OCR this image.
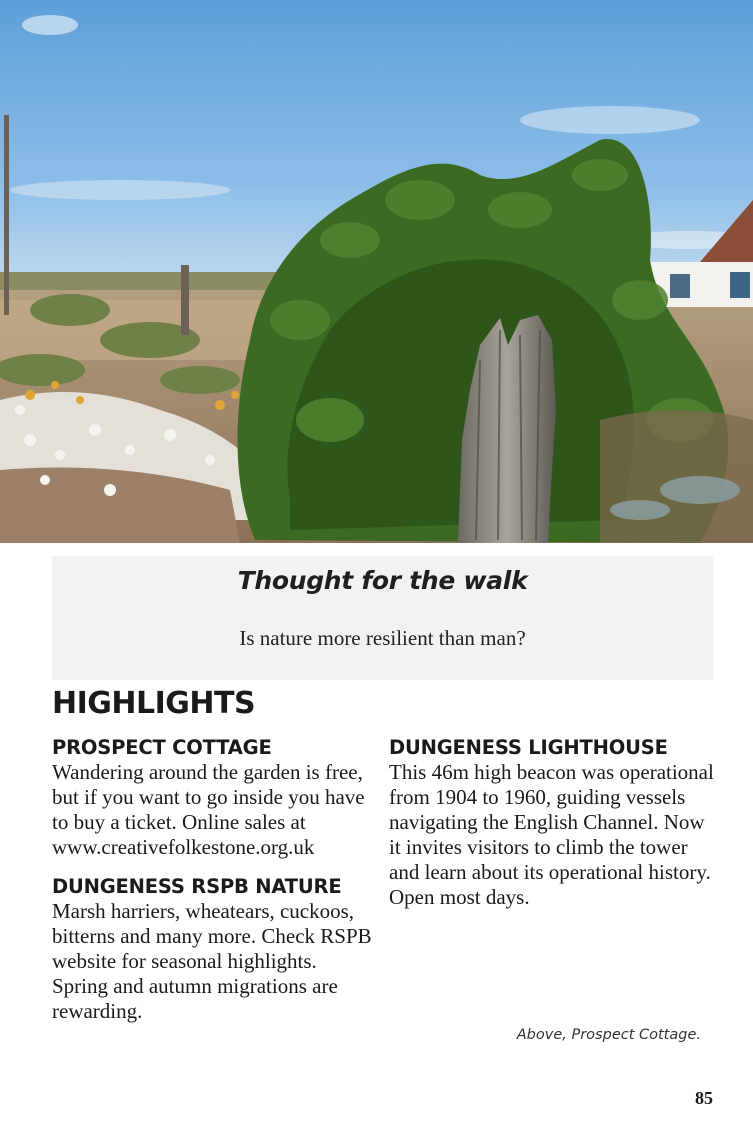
Thought for the walk
Is nature more resilient than man?
HIGHLIGHTS
PROSPECT COTTAGE

Wandering around the garden is free, but if you want to go inside you have to buy a ticket. Online sales at www.creativefolkestone.org.uk

DUNGENESS RSPB NATURE

Marsh harriers, wheatears, cuckoos, bitterns and many more. Check RSPB website for seasonal highlights. Spring and autumn migrations are rewarding.

DUNGENESS LIGHTHOUSE

This 46m high beacon was operational from 1904 to 1960, guiding vessels navigating the English Channel. Now it invites visitors to climb the tower and learn about its operational history. Open most days.

Above, Prospect Cottage.
85
